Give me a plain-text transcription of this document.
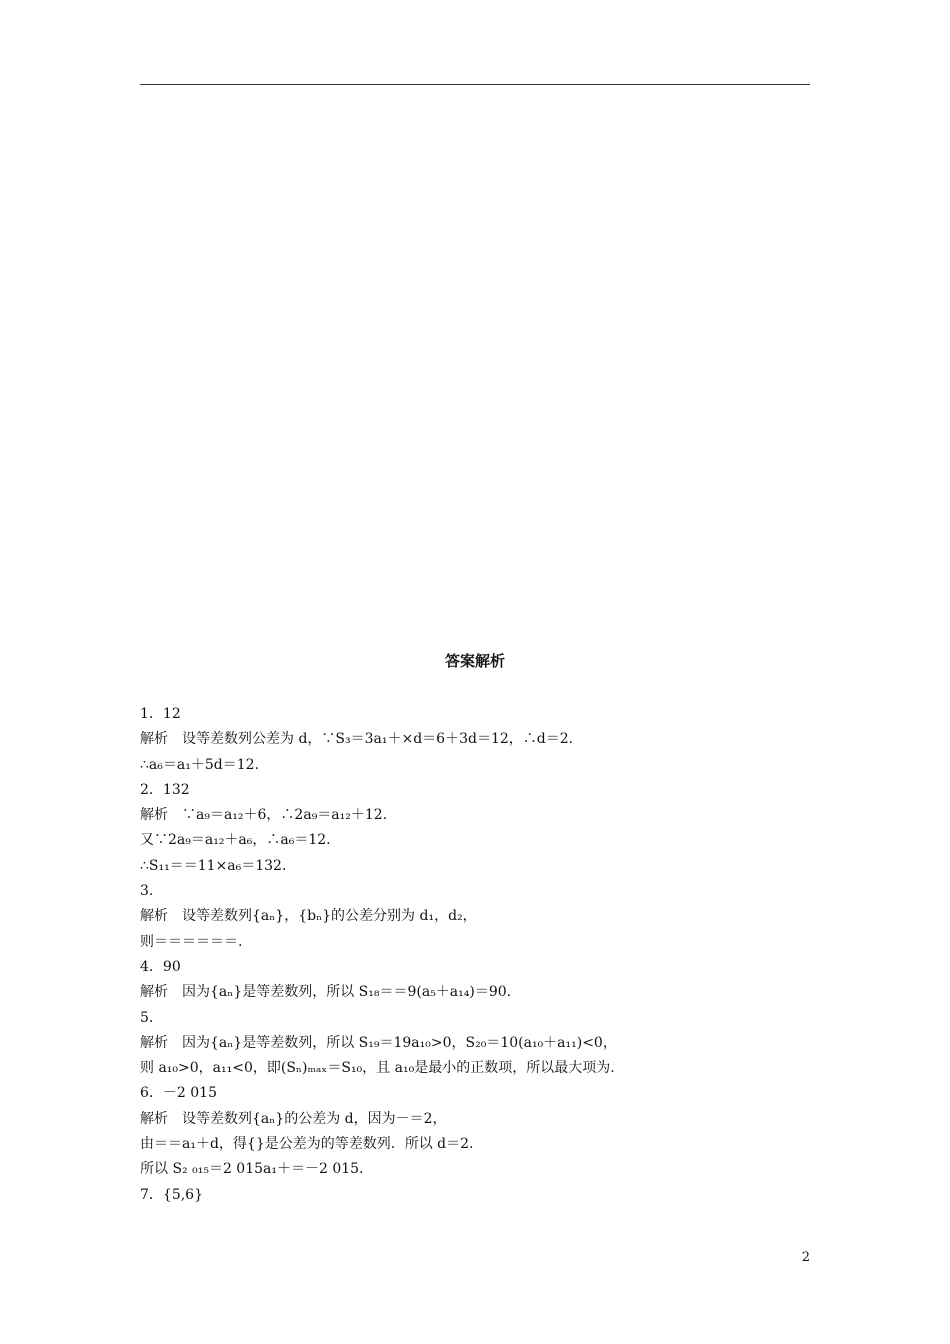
答案解析
1．12
解析　设等差数列公差为 d，∵S₃＝3a₁＋×d＝6＋3d＝12，∴d＝2.
∴a₆＝a₁＋5d＝12.
2．132
解析　∵a₉＝a₁₂＋6，∴2a₉＝a₁₂＋12.
又∵2a₉＝a₁₂＋a₆，∴a₆＝12.
∴S₁₁＝＝11×a₆＝132.
3.
解析　设等差数列{aₙ}，{bₙ}的公差分别为 d₁，d₂，
则＝＝＝＝＝＝.
4．90
解析　因为{aₙ}是等差数列，所以 S₁₈＝＝9(a₅＋a₁₄)＝90.
5.
解析　因为{aₙ}是等差数列，所以 S₁₉＝19a₁₀>0，S₂₀＝10(a₁₀＋a₁₁)<0，
则 a₁₀>0，a₁₁<0，即(Sₙ)ₘₐₓ＝S₁₀，且 a₁₀是最小的正数项，所以最大项为.
6．－2 015
解析　设等差数列{aₙ}的公差为 d，因为－＝2，
由＝＝a₁＋d，得{}是公差为的等差数列．所以 d＝2.
所以 S₂ ₀₁₅＝2 015a₁＋＝－2 015.
7．{5,6}
2
